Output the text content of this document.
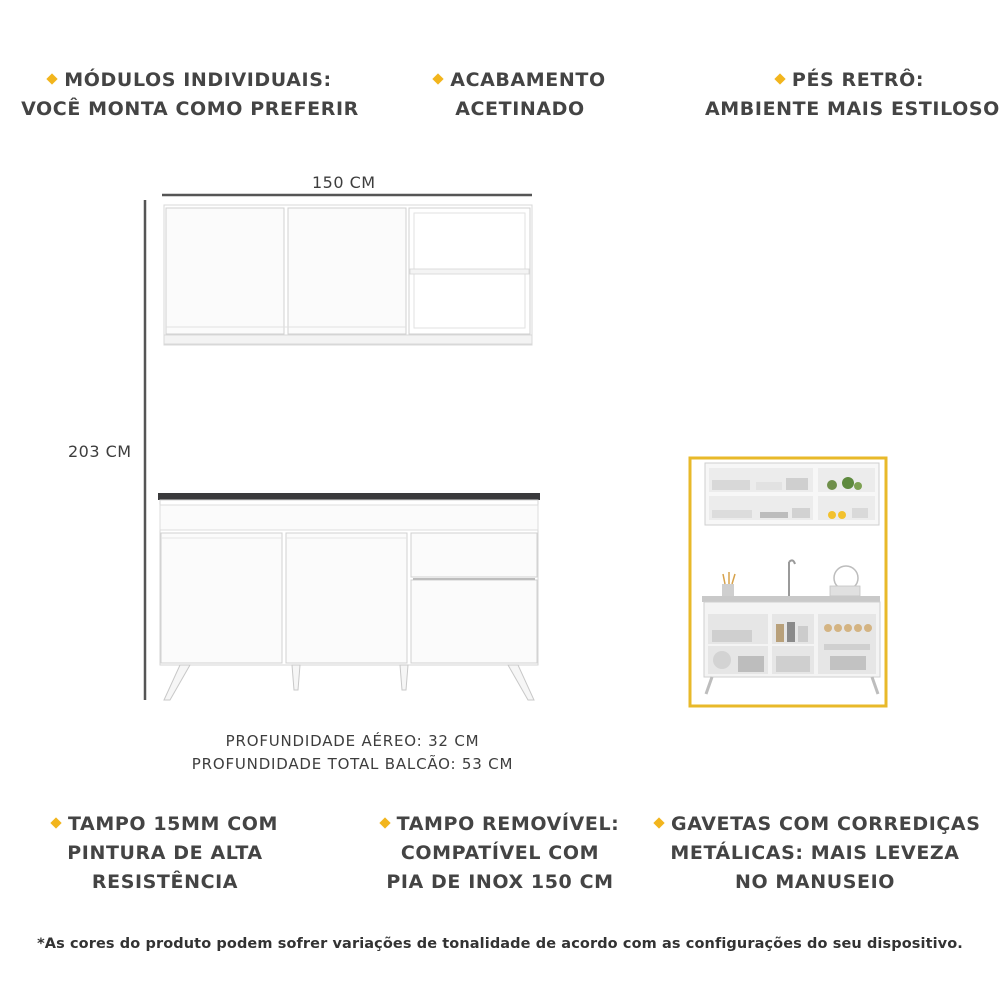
MÓDULOS INDIVIDUAIS:
VOCÊ MONTA COMO PREFERIR
ACABAMENTO
ACETINADO
PÉS RETRÔ:
AMBIENTE MAIS ESTILOSO
150 CM
203 CM
PROFUNDIDADE AÉREO: 32 CM
PROFUNDIDADE TOTAL BALCÃO: 53 CM
TAMPO 15MM COM
PINTURA DE ALTA
RESISTÊNCIA
TAMPO REMOVÍVEL:
COMPATÍVEL COM
PIA DE INOX 150 CM
GAVETAS COM CORREDIÇAS
METÁLICAS: MAIS LEVEZA
NO MANUSEIO
*As cores do produto podem sofrer variações de tonalidade de acordo com as configurações do seu dispositivo.
